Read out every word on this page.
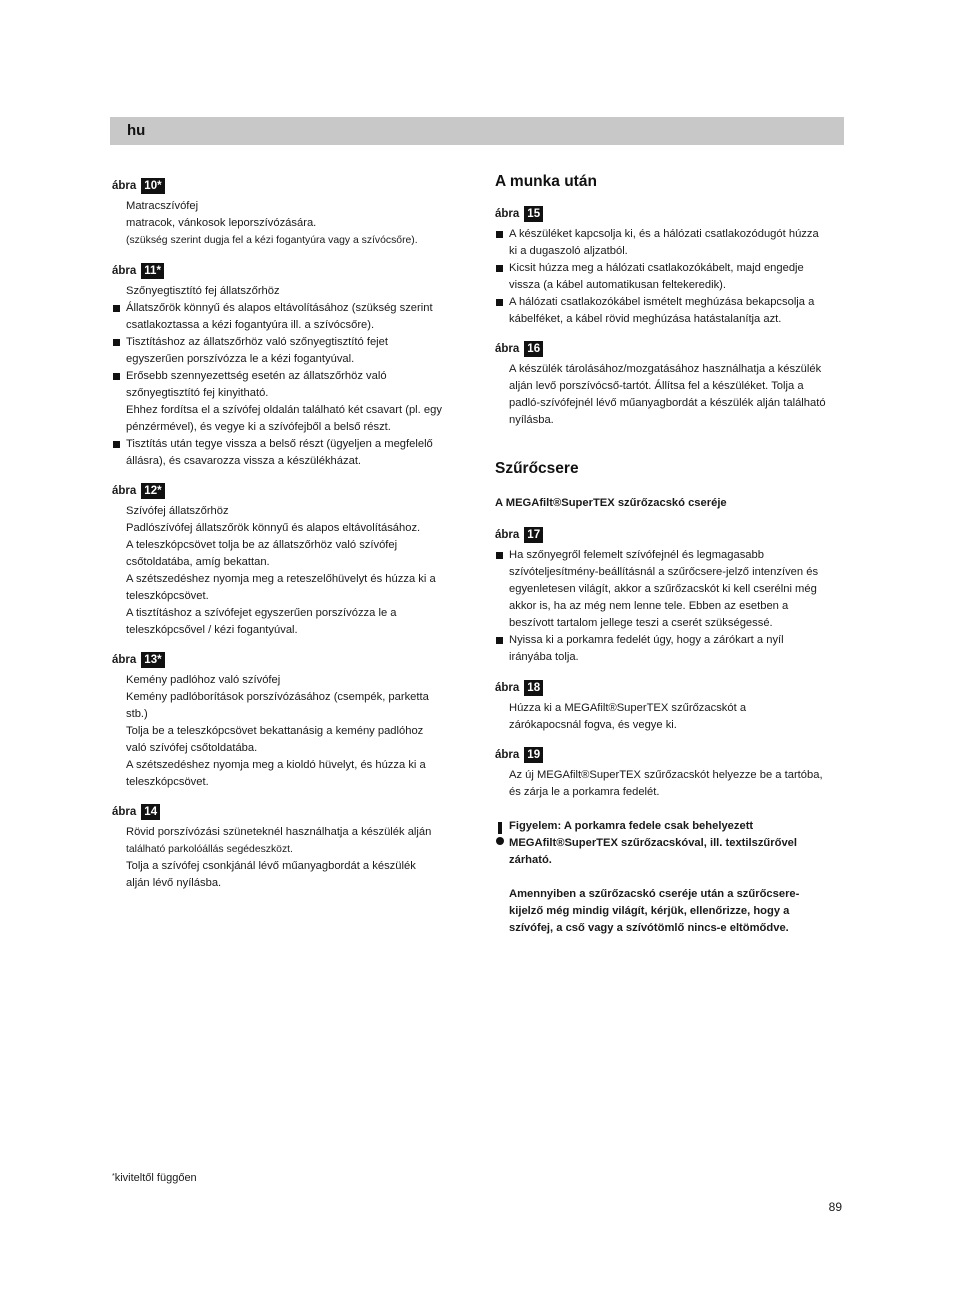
hu
ábra 10*
Matracszívófej
matracok, vánkosok leporszívózására.
(szükség szerint dugja fel a kézi fogantyúra vagy a szívócsőre).
ábra 11*
Szőnyegtisztító fej állatszőrhöz
Állatszőrök könnyű és alapos eltávolításához (szükség szerint
csatlakoztassa a kézi fogantyúra ill. a szívócsőre).
Tisztításhoz az állatszőrhöz való szőnyegtisztító fejet
egyszerűen porszívózza le a kézi fogantyúval.
Erősebb szennyezettség esetén az állatszőrhöz való
szőnyegtisztító fej kinyitható.
Ehhez fordítsa el a szívófej oldalán található két csavart (pl. egy
pénzérmével), és vegye ki a szívófejből a belső részt.
Tisztítás után tegye vissza a belső részt (ügyeljen a megfelelő
állásra), és csavarozza vissza a készülékházat.
ábra 12*
Szívófej állatszőrhöz
Padlószívófej állatszőrök könnyű és alapos eltávolításához.
A teleszkópcsövet tolja be az állatszőrhöz való szívófej
csőtoldatába, amíg bekattan.
A szétszedéshez nyomja meg a reteszelőhüvelyt és húzza ki a
teleszkópcsövet.
A tisztításhoz a szívófejet egyszerűen porszívózza le a
teleszkópcsővel / kézi fogantyúval.
ábra 13*
Kemény padlóhoz való szívófej
Kemény padlóborítások porszívózásához (csempék, parketta
stb.)
Tolja be a teleszkópcsövet bekattanásig a kemény padlóhoz
való szívófej csőtoldatába.
A szétszedéshez nyomja meg a kioldó hüvelyt, és húzza ki a
teleszkópcsövet.
ábra 14
Rövid porszívózási szüneteknél használhatja a készülék alján
található parkolóállás segédeszközt.
Tolja a szívófej csonkjánál lévő műanyagbordát a készülék
alján lévő nyílásba.
A munka után
ábra 15
A készüléket kapcsolja ki, és a hálózati csatlakozódugót húzza
ki a dugaszoló aljzatból.
Kicsit húzza meg a hálózati csatlakozókábelt, majd engedje
vissza (a kábel automatikusan feltekeredik).
A hálózati csatlakozókábel ismételt meghúzása bekapcsolja a
kábelféket, a kábel rövid meghúzása hatástalanítja azt.
ábra 16
A készülék tárolásához/mozgatásához használhatja a készülék
alján levő porszívócső-tartót. Állítsa fel a készüléket. Tolja a
padló-szívófejnél lévő műanyagbordát a készülék alján található
nyílásba.
Szűrőcsere
A MEGAfilt®SuperTEX szűrőzacskó cseréje
ábra 17
Ha szőnyegről felemelt szívófejnél és legmagasabb
szívóteljesítmény-beállításnál a szűrőcsere-jelző intenzíven és
egyenletesen világít, akkor a szűrőzacskót ki kell cserélni még
akkor is, ha az még nem lenne tele. Ebben az esetben a
beszívott tartalom jellege teszi a cserét szükségessé.
Nyissa ki a porkamra fedelét úgy, hogy a zárókart a nyíl
irányába tolja.
ábra 18
Húzza ki a MEGAfilt®SuperTEX szűrőzacskót a
zárókapocsnál fogva, és vegye ki.
ábra 19
Az új MEGAfilt®SuperTEX szűrőzacskót helyezze be a tartóba,
és zárja le a porkamra fedelét.
Figyelem: A porkamra fedele csak behelyezett
MEGAfilt®SuperTEX szűrőzacskóval, ill. textilszűrővel
zárható.
Amennyiben a szűrőzacskó cseréje után a szűrőcsere-
kijelző még mindig világít, kérjük, ellenőrizze, hogy a
szívófej, a cső vagy a szívótömlő nincs-e eltömődve.
*kiviteltől függően
89
